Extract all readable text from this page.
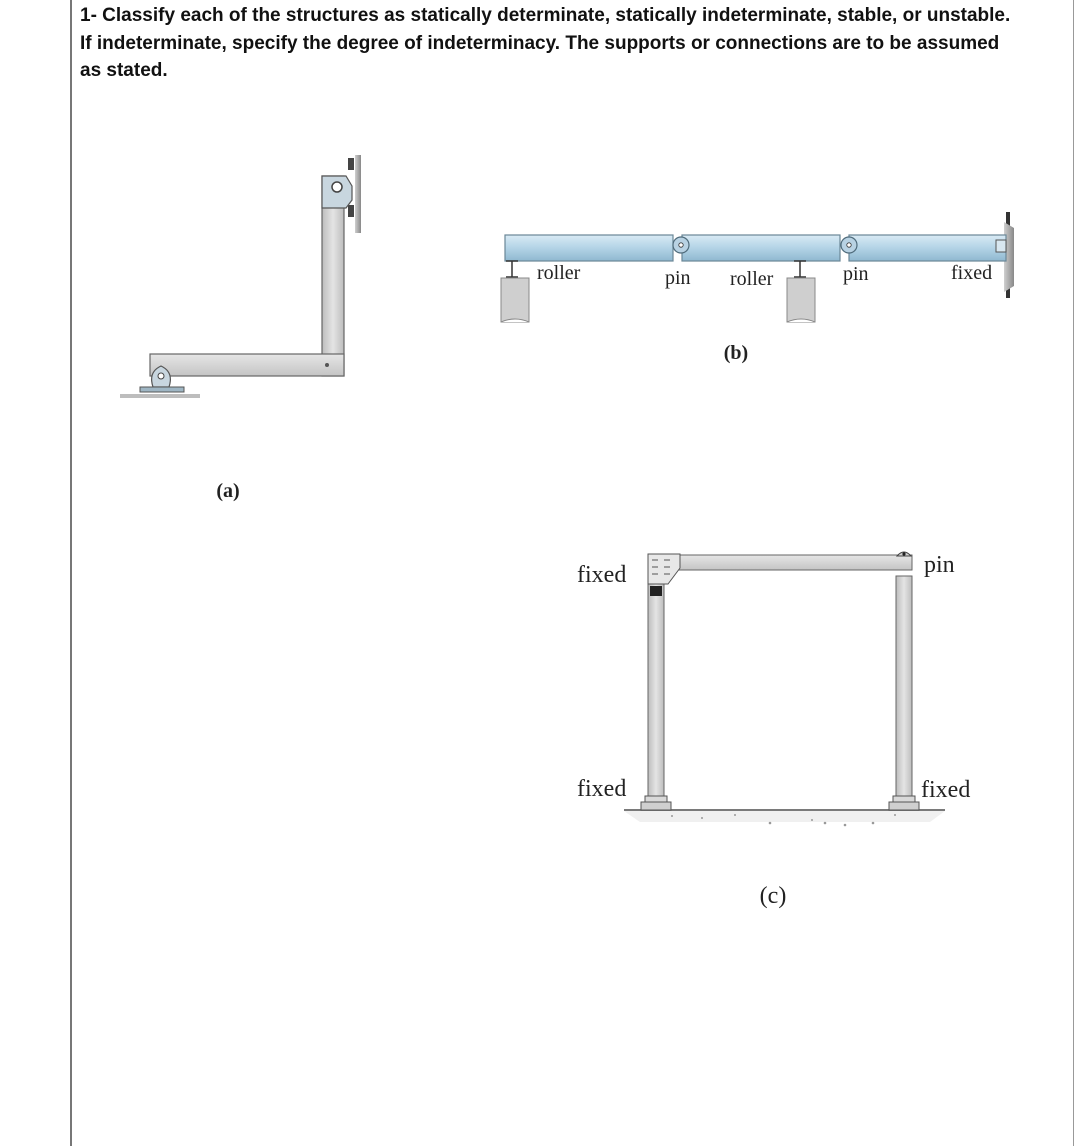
1- Classify each of the structures as statically determinate, statically indeterminate, stable, or unstable.
If indeterminate, specify the degree of indeterminacy. The supports or connections are to be assumed
as stated.
(a)
roller	pin roller	pin	fixed
(b)
fixed	pin
fixed	fixed
(c)
